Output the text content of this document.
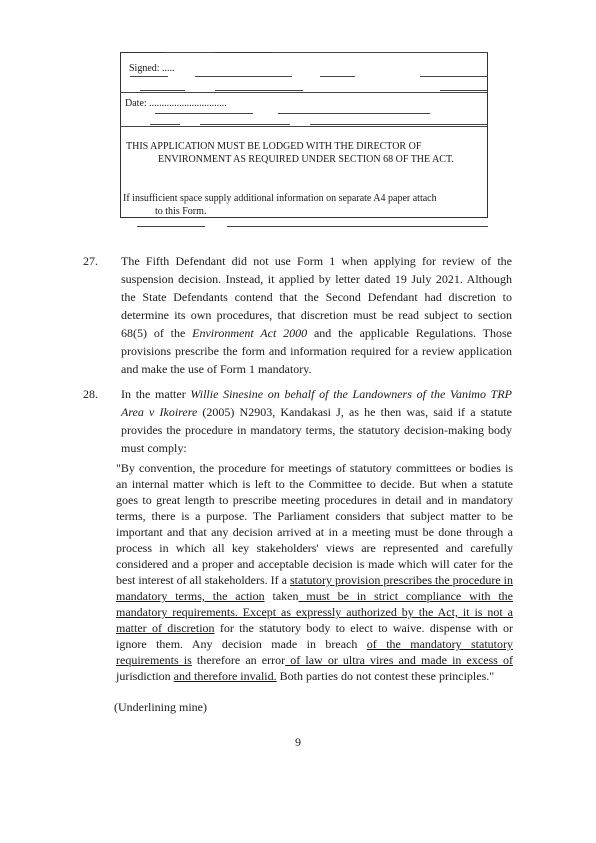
Signed: .....
Date: ...............................
THIS APPLICATION MUST BE LODGED WITH THE DIRECTOR OF
ENVIRONMENT AS REQUIRED UNDER SECTION 68 OF THE ACT.
If insufficient space supply additional information on separate A4 paper attach
to this Form.
27. The Fifth Defendant did not use Form 1 when applying for review of the suspension decision. Instead, it applied by letter dated 19 July 2021. Although the State Defendants contend that the Second Defendant had discretion to determine its own procedures, that discretion must be read subject to section 68(5) of the Environment Act 2000 and the applicable Regulations. Those provisions prescribe the form and information required for a review application and make the use of Form 1 mandatory.
28. In the matter Willie Sinesine on behalf of the Landowners of the Vanimo TRP Area v Ikoirere (2005) N2903, Kandakasi J, as he then was, said if a statute provides the procedure in mandatory terms, the statutory decision-making body must comply:
"By convention, the procedure for meetings of statutory committees or bodies is an internal matter which is left to the Committee to decide. But when a statute goes to great length to prescribe meeting procedures in detail and in mandatory terms, there is a purpose. The Parliament considers that subject matter to be important and that any decision arrived at in a meeting must be done through a process in which all key stakeholders' views are represented and carefully considered and a proper and acceptable decision is made which will cater for the best interest of all stakeholders. If a statutory provision prescribes the procedure in mandatory terms, the action taken must be in strict compliance with the mandatory requirements. Except as expressly authorized by the Act, it is not a matter of discretion for the statutory body to elect to waive. dispense with or ignore them. Any decision made in breach of the mandatory statutory requirements is therefore an error of law or ultra vires and made in excess of jurisdiction and therefore invalid. Both parties do not contest these principles."
(Underlining mine)
9
